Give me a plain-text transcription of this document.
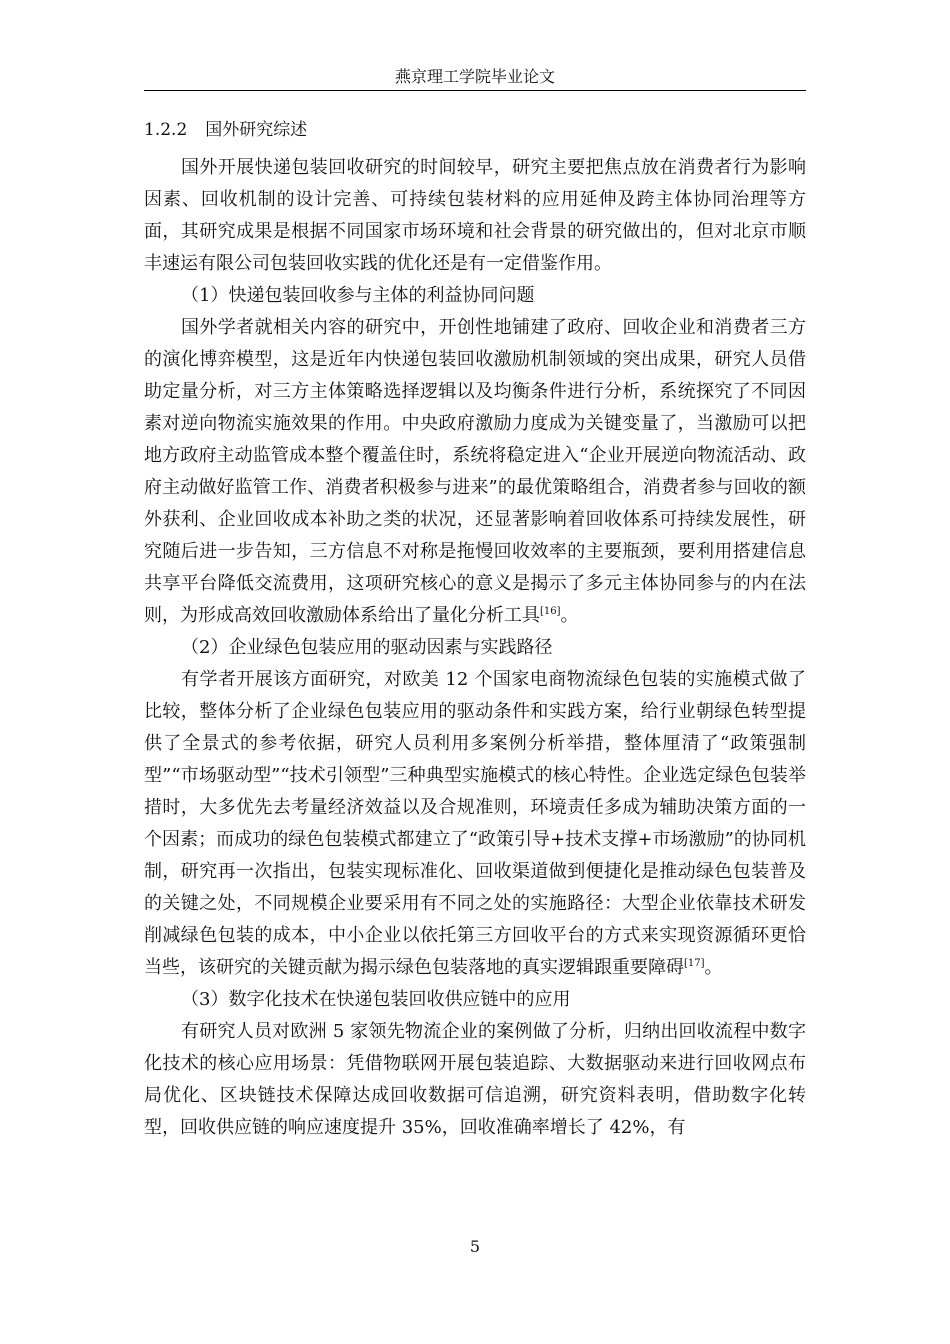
燕京理工学院毕业论文
1.2.2 国外研究综述

国外开展快递包装回收研究的时间较早，研究主要把焦点放在消费者行为影响因素、回收机制的设计完善、可持续包装材料的应用延伸及跨主体协同治理等方面，其研究成果是根据不同国家市场环境和社会背景的研究做出的，但对北京市顺丰速运有限公司包装回收实践的优化还是有一定借鉴作用。

（1）快递包装回收参与主体的利益协同问题

国外学者就相关内容的研究中，开创性地铺建了政府、回收企业和消费者三方的演化博弈模型，这是近年内快递包装回收激励机制领域的突出成果，研究人员借助定量分析，对三方主体策略选择逻辑以及均衡条件进行分析，系统探究了不同因素对逆向物流实施效果的作用。中央政府激励力度成为关键变量了，当激励可以把地方政府主动监管成本整个覆盖住时，系统将稳定进入“企业开展逆向物流活动、政府主动做好监管工作、消费者积极参与进来”的最优策略组合，消费者参与回收的额外获利、企业回收成本补助之类的状况，还显著影响着回收体系可持续发展性，研究随后进一步告知，三方信息不对称是拖慢回收效率的主要瓶颈，要利用搭建信息共享平台降低交流费用，这项研究核心的意义是揭示了多元主体协同参与的内在法则，为形成高效回收激励体系给出了量化分析工具[16]。

（2）企业绿色包装应用的驱动因素与实践路径

有学者开展该方面研究，对欧美 12 个国家电商物流绿色包装的实施模式做了比较，整体分析了企业绿色包装应用的驱动条件和实践方案，给行业朝绿色转型提供了全景式的参考依据，研究人员利用多案例分析举措，整体厘清了“政策强制型”“市场驱动型”“技术引领型”三种典型实施模式的核心特性。企业选定绿色包装举措时，大多优先去考量经济效益以及合规准则，环境责任多成为辅助决策方面的一个因素；而成功的绿色包装模式都建立了“政策引导+技术支撑+市场激励”的协同机制，研究再一次指出，包装实现标准化、回收渠道做到便捷化是推动绿色包装普及的关键之处，不同规模企业要采用有不同之处的实施路径：大型企业依靠技术研发削减绿色包装的成本，中小企业以依托第三方回收平台的方式来实现资源循环更恰当些，该研究的关键贡献为揭示绿色包装落地的真实逻辑跟重要障碍[17]。

（3）数字化技术在快递包装回收供应链中的应用

有研究人员对欧洲 5 家领先物流企业的案例做了分析，归纳出回收流程中数字化技术的核心应用场景：凭借物联网开展包装追踪、大数据驱动来进行回收网点布局优化、区块链技术保障达成回收数据可信追溯，研究资料表明，借助数字化转型，回收供应链的响应速度提升 35%，回收准确率增长了 42%，有

5
